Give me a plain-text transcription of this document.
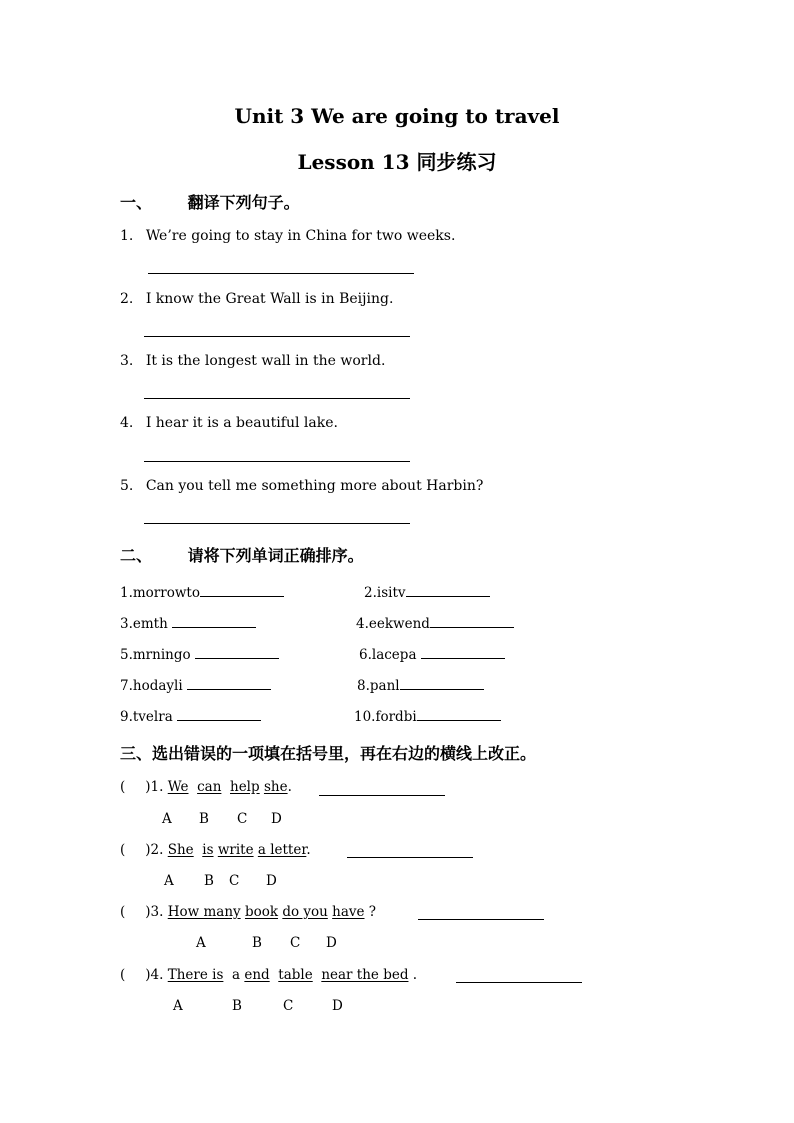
Unit 3 We are going to travel
Lesson 13 同步练习
一、 翻译下列句子。
1. We’re going to stay in China for two weeks.
2. I know the Great Wall is in Beijing.
3. It is the longest wall in the world.
4. I hear it is a beautiful lake.
5. Can you tell me something more about Harbin?
二、 请将下列单词正确排序。
1.morrowto	2.isitv
3.emth	4.eekwend
5.mrningo	6.lacepa
7.hodayli	8.panl
9.tvelra	10.fordbi
三、选出错误的一项填在括号里，再在右边的横线上改正。
( )1. We can help she.
A B C D
( )2. She is write a letter.
A B C D
( )3. How many book do you have ?
A	B C D
( )4. There is a end table near the bed .
A	B	C	D
